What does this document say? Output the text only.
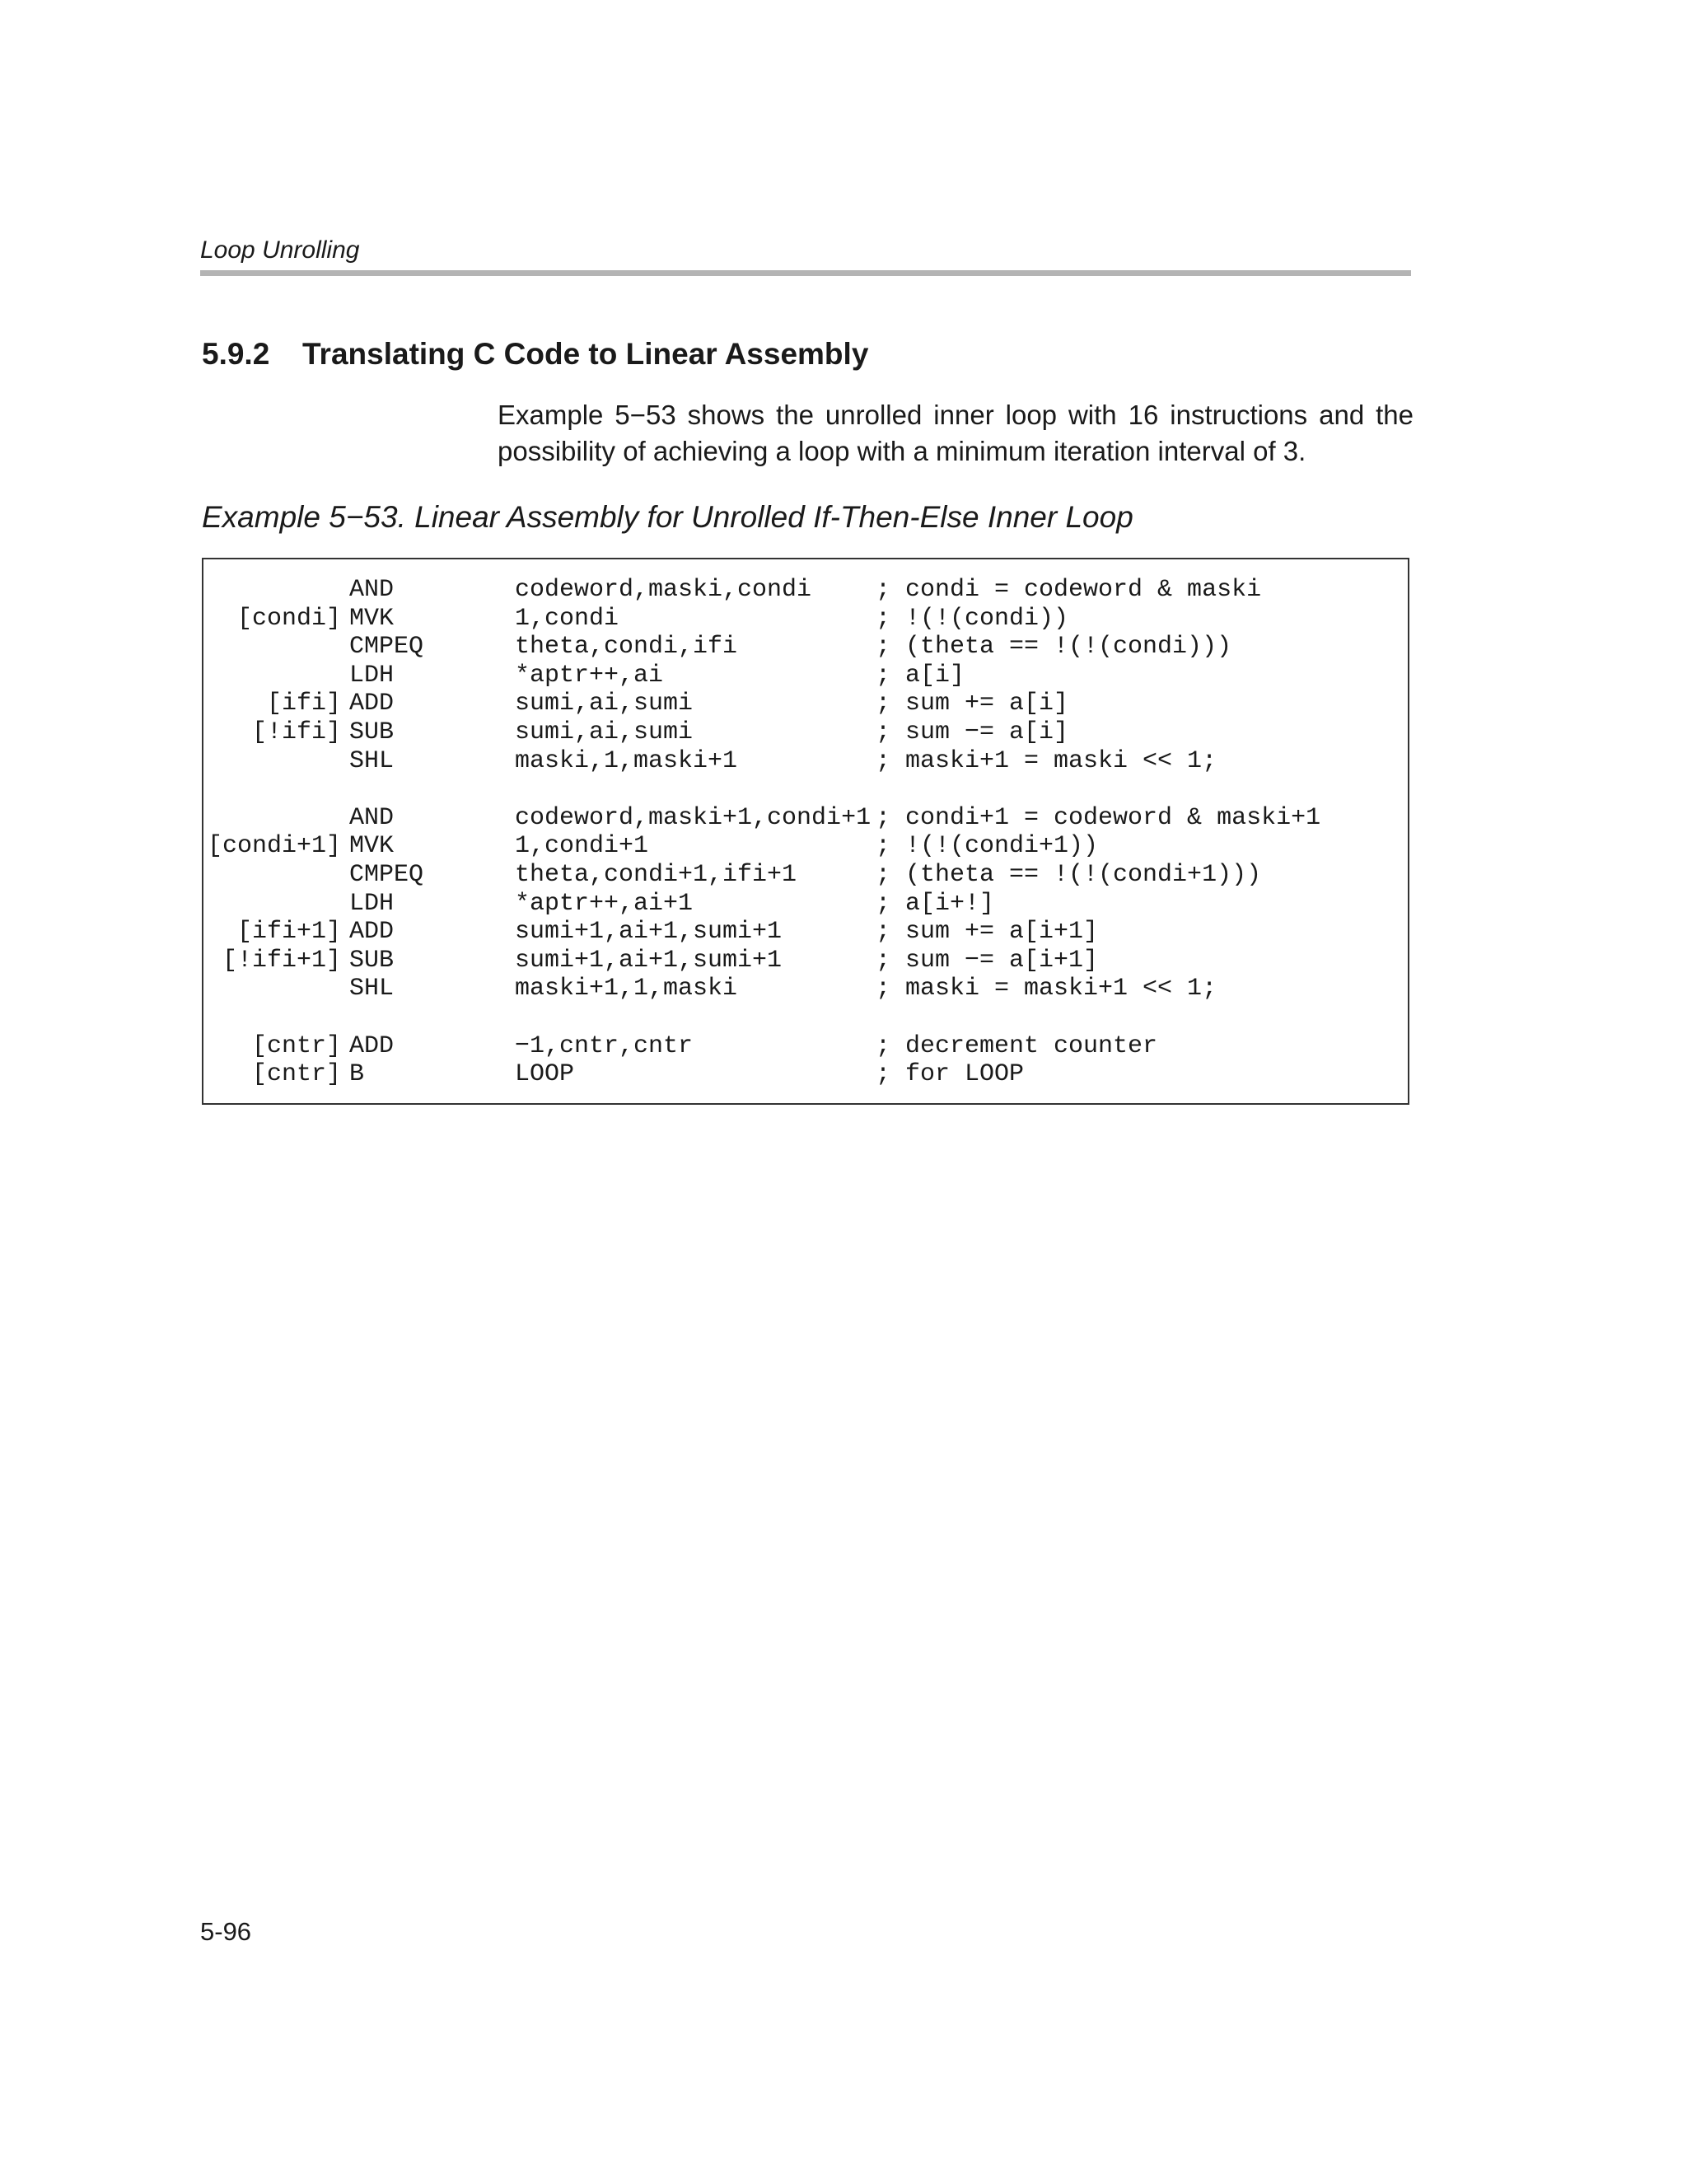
Loop Unrolling
5.9.2 Translating C Code to Linear Assembly
Example 5−53 shows the unrolled inner loop with 16 instructions and the possibility of achieving a loop with a minimum iteration interval of 3.
Example 5−53. Linear Assembly for Unrolled If-Then-Else Inner Loop
AND	codeword,maski,condi	; condi = codeword & maski
[condi] MVK	1,condi	; !(!(condi))
CMPEQ	theta,condi,ifi	; (theta == !(!(condi)))
LDH	*aptr++,ai	; a[i]
[ifi] ADD	sumi,ai,sumi	; sum += a[i]
[!ifi] SUB	sumi,ai,sumi	; sum −= a[i]
SHL	maski,1,maski+1	; maski+1 = maski << 1;
AND	codeword,maski+1,condi+1 ; condi+1 = codeword & maski+1
[condi+1] MVK	1,condi+1	; !(!(condi+1))
CMPEQ	theta,condi+1,ifi+1	; (theta == !(!(condi+1)))
LDH	*aptr++,ai+1	; a[i+!]
[ifi+1] ADD	sumi+1,ai+1,sumi+1	; sum += a[i+1]
[!ifi+1] SUB	sumi+1,ai+1,sumi+1	; sum −= a[i+1]
SHL	maski+1,1,maski	; maski = maski+1 << 1;
[cntr] ADD	−1,cntr,cntr	; decrement counter
[cntr] B	LOOP	; for LOOP
5-96
